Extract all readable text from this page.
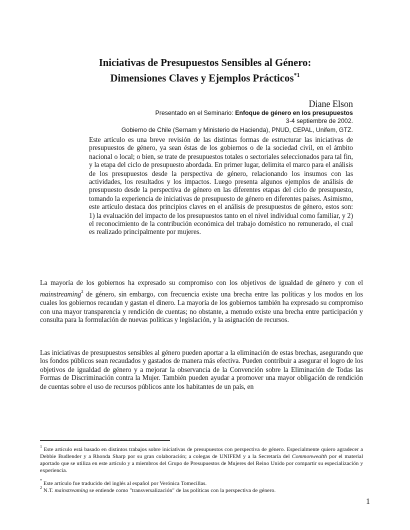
Iniciativas de Presupuestos Sensibles al Género:

Dimensiones Claves y Ejemplos Prácticos$^{*1}$

Diane Elson

Presentado en el Seminario: Enfoque de género en los presupuestos

3-4 septiembre de 2002.

Gobierno de Chile (Sernam y Ministerio de Hacienda), PNUD, CEPAL, Unifem, GTZ.

Este artículo es una breve revisión de las distintas formas de estructurar las iniciativas de presupuestos de género, ya sean éstas de los gobiernos o de la sociedad civil, en el ámbito nacional o local; o bien, se trate de presupuestos totales o sectoriales seleccionados para tal fin, y la etapa del ciclo de presupuesto abordada. En primer lugar, delimita el marco para el análisis de los presupuestos desde la perspectiva de género, relacionando los insumos con las actividades, los resultados y los impactos. Luego presenta algunos ejemplos de análisis de presupuesto desde la perspectiva de género en las diferentes etapas del ciclo de presupuesto, tomando la experiencia de iniciativas de presupuesto de género en diferentes países. Asimismo, este artículo destaca dos principios claves en el análisis de presupuestos de género, estos son: 1) la evaluación del impacto de los presupuestos tanto en el nivel individual como familiar, y 2) el reconocimiento de la contribución económica del trabajo doméstico no remunerado, el cual es realizado principalmente por mujeres.
La mayoría de los gobiernos ha expresado su compromiso con los objetivos de igualdad de género y con el mainstreaming$^2$ de género, sin embargo, con frecuencia existe una brecha entre las políticas y los modos en los cuales los gobiernos recaudan y gastan el dinero. La mayoría de los gobiernos también ha expresado su compromiso con una mayor transparencia y rendición de cuentas; no obstante, a menudo existe una brecha entre participación y consulta para la formulación de nuevas políticas y legislación, y la asignación de recursos.
Las iniciativas de presupuestos sensibles al género pueden aportar a la eliminación de estas brechas, asegurando que los fondos públicos sean recaudados y gastados de manera más efectiva. Pueden contribuir a asegurar el logro de los objetivos de igualdad de género y a mejorar la observancia de la Convención sobre la Eliminación de Todas las Formas de Discriminación contra la Mujer. También pueden ayudar a promover una mayor obligación de rendición de cuentas sobre el uso de recursos públicos ante los habitantes de un país, en
$^1$ Este artículo está basado en distintos trabajos sobre iniciativas de presupuestos con perspectiva de género. Especialmente quiero agradecer a Debbie Budlender y a Rhonda Sharp por su gran colaboración; a colegas de UNIFEM y a la Secretaría del Commonwealth por el material aportado que se utiliza en este artículo y a miembros del Grupo de Presupuestos de Mujeres del Reino Unido por compartir su especialización y experiencia.
* Este artículo fue traducido del inglés al español por Verónica Tomecillas.
$^2$ N.T. mainstreaming se entiende como "transversalización" de las políticas con la perspectiva de género.
1
